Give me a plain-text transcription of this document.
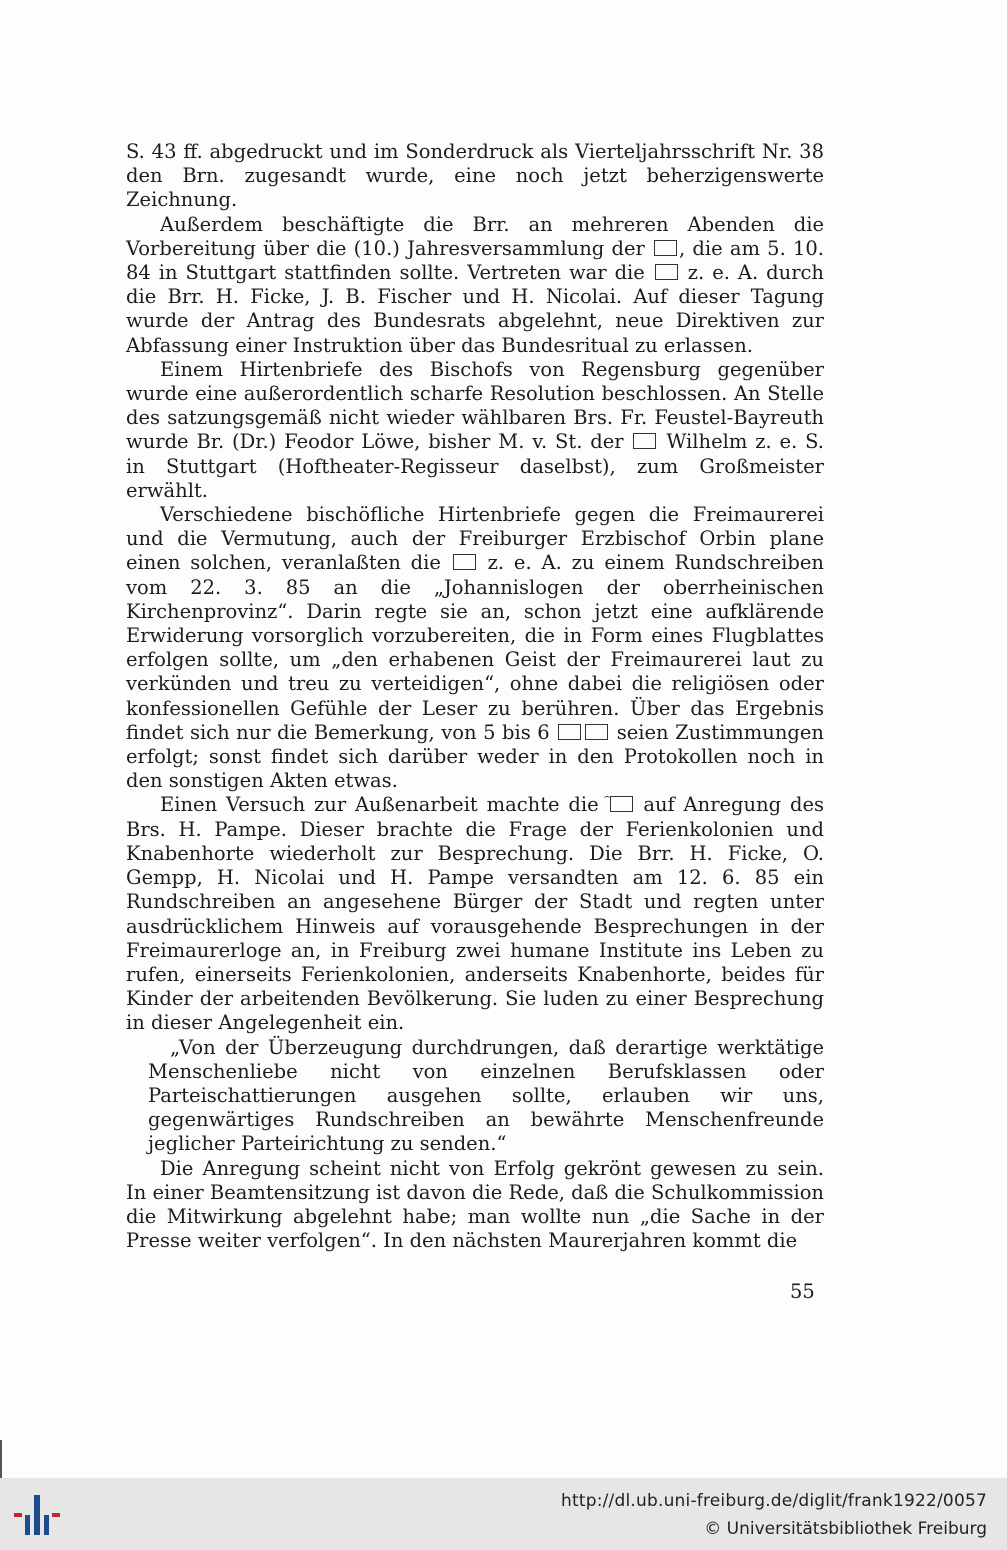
S. 43 ff. abgedruckt und im Sonderdruck als Vierteljahrsschrift Nr. 38 den Brn. zugesandt wurde, eine noch jetzt beherzigenswerte Zeichnung.

Außerdem beschäftigte die Brr. an mehreren Abenden die Vorbereitung über die (10.) Jahresversammlung der , die am 5. 10. 84 in Stuttgart stattfinden sollte. Vertreten war die  z. e. A. durch die Brr. H. Ficke, J. B. Fischer und H. Nicolai. Auf dieser Tagung wurde der Antrag des Bundesrats abgelehnt, neue Direktiven zur Abfassung einer Instruktion über das Bundesritual zu erlassen.

Einem Hirtenbriefe des Bischofs von Regensburg gegenüber wurde eine außerordentlich scharfe Resolution beschlossen. An Stelle des satzungsgemäß nicht wieder wählbaren Brs. Fr. Feustel-Bayreuth wurde Br. (Dr.) Feodor Löwe, bisher M. v. St. der  Wilhelm z. e. S. in Stuttgart (Hoftheater-Regisseur daselbst), zum Großmeister erwählt.

Verschiedene bischöfliche Hirtenbriefe gegen die Freimaurerei und die Vermutung, auch der Freiburger Erzbischof Orbin plane einen solchen, veranlaßten die  z. e. A. zu einem Rundschreiben vom 22. 3. 85 an die „Johannislogen der oberrheinischen Kirchenprovinz“. Darin regte sie an, schon jetzt eine aufklärende Erwiderung vorsorglich vorzubereiten, die in Form eines Flugblattes erfolgen sollte, um „den erhabenen Geist der Freimaurerei laut zu verkünden und treu zu verteidigen“, ohne dabei die religiösen oder konfessionellen Gefühle der Leser zu berühren. Über das Ergebnis findet sich nur die Bemerkung, von 5 bis 6	seien Zustimmungen erfolgt; sonst findet sich darüber weder in den Protokollen noch in den sonstigen Akten etwas.

Einen Versuch zur Außenarbeit machte die  auf Anregung des Brs. H. Pampe. Dieser brachte die Frage der Ferienkolonien und Knabenhorte wiederholt zur Besprechung. Die Brr. H. Ficke, O. Gempp, H. Nicolai und H. Pampe versandten am 12. 6. 85 ein Rundschreiben an angesehene Bürger der Stadt und regten unter ausdrücklichem Hinweis auf vorausgehende Besprechungen in der Freimaurerloge an, in Freiburg zwei humane Institute ins Leben zu rufen, einerseits Ferienkolonien, anderseits Knabenhorte, beides für Kinder der arbeitenden Bevölkerung. Sie luden zu einer Besprechung in dieser Angelegenheit ein.

„Von der Überzeugung durchdrungen, daß derartige werktätige Menschenliebe nicht von einzelnen Berufsklassen oder Parteischattierungen ausgehen sollte, erlauben wir uns, gegenwärtiges Rundschreiben an bewährte Menschenfreunde jeglicher Parteirichtung zu senden.“

Die Anregung scheint nicht von Erfolg gekrönt gewesen zu sein. In einer Beamtensitzung ist davon die Rede, daß die Schulkommission die Mitwirkung abgelehnt habe; man wollte nun „die Sache in der Presse weiter verfolgen“. In den nächsten Maurerjahren kommt die

55
http://dl.ub.uni-freiburg.de/diglit/frank1922/0057
© Universitätsbibliothek Freiburg
